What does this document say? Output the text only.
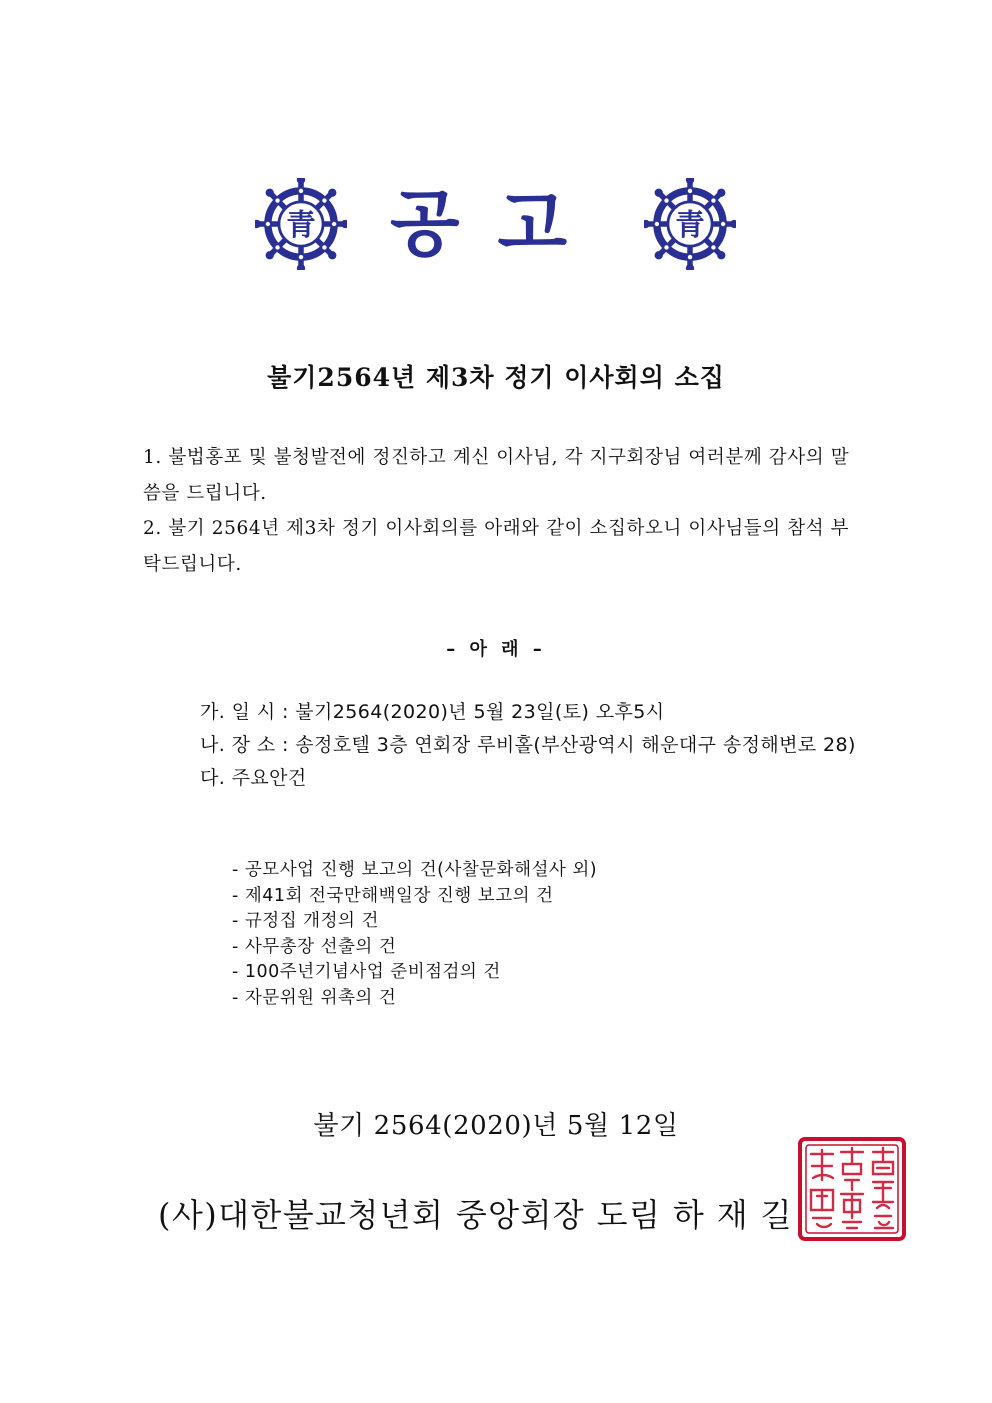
青 공고 青
불기2564년 제3차 정기 이사회의 소집

1. 불법홍포 및 불청발전에 정진하고 계신 이사님, 각 지구회장님 여러분께 감사의 말씀을 드립니다.

2. 불기 2564년 제3차 정기 이사회의를 아래와 같이 소집하오니 이사님들의 참석 부탁드립니다.

– 아 래 –

가. 일 시 : 불기2564(2020)년 5월 23일(토) 오후5시

나. 장 소 : 송정호텔 3층 연회장 루비홀(부산광역시 해운대구 송정해변로 28)

다. 주요안건

- 공모사업 진행 보고의 건(사찰문화해설사 외)
- 제41회 전국만해백일장 진행 보고의 건
- 규정집 개정의 건
- 사무총장 선출의 건
- 100주년기념사업 준비점검의 건
- 자문위원 위촉의 건
불기 2564(2020)년 5월 12일
(사)대한불교청년회 중앙회장 도림 하 재 길
